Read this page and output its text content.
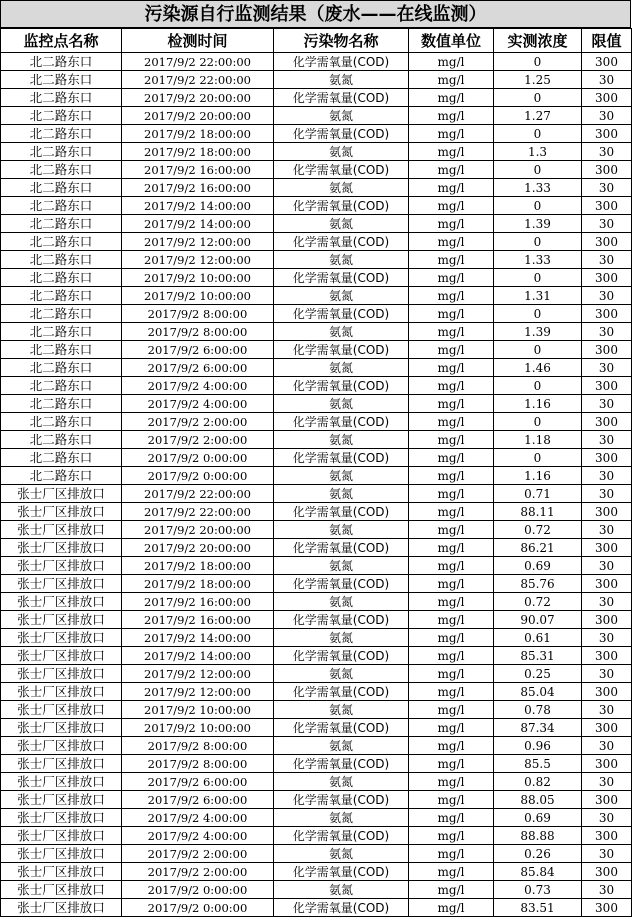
污染源自行监测结果（废水——在线监测）
监控点名称	检测时间	污染物名称	数值单位	实测浓度	限值
北二路东口	2017/9/2 22:00:00	化学需氧量(COD)	mg/l	0	300
北二路东口	2017/9/2 22:00:00	氨氮	mg/l	1.25	30
北二路东口	2017/9/2 20:00:00	化学需氧量(COD)	mg/l	0	300
北二路东口	2017/9/2 20:00:00	氨氮	mg/l	1.27	30
北二路东口	2017/9/2 18:00:00	化学需氧量(COD)	mg/l	0	300
北二路东口	2017/9/2 18:00:00	氨氮	mg/l	1.3	30
北二路东口	2017/9/2 16:00:00	化学需氧量(COD)	mg/l	0	300
北二路东口	2017/9/2 16:00:00	氨氮	mg/l	1.33	30
北二路东口	2017/9/2 14:00:00	化学需氧量(COD)	mg/l	0	300
北二路东口	2017/9/2 14:00:00	氨氮	mg/l	1.39	30
北二路东口	2017/9/2 12:00:00	化学需氧量(COD)	mg/l	0	300
北二路东口	2017/9/2 12:00:00	氨氮	mg/l	1.33	30
北二路东口	2017/9/2 10:00:00	化学需氧量(COD)	mg/l	0	300
北二路东口	2017/9/2 10:00:00	氨氮	mg/l	1.31	30
北二路东口	2017/9/2 8:00:00	化学需氧量(COD)	mg/l	0	300
北二路东口	2017/9/2 8:00:00	氨氮	mg/l	1.39	30
北二路东口	2017/9/2 6:00:00	化学需氧量(COD)	mg/l	0	300
北二路东口	2017/9/2 6:00:00	氨氮	mg/l	1.46	30
北二路东口	2017/9/2 4:00:00	化学需氧量(COD)	mg/l	0	300
北二路东口	2017/9/2 4:00:00	氨氮	mg/l	1.16	30
北二路东口	2017/9/2 2:00:00	化学需氧量(COD)	mg/l	0	300
北二路东口	2017/9/2 2:00:00	氨氮	mg/l	1.18	30
北二路东口	2017/9/2 0:00:00	化学需氧量(COD)	mg/l	0	300
北二路东口	2017/9/2 0:00:00	氨氮	mg/l	1.16	30
张士厂区排放口	2017/9/2 22:00:00	氨氮	mg/l	0.71	30
张士厂区排放口	2017/9/2 22:00:00	化学需氧量(COD)	mg/l	88.11	300
张士厂区排放口	2017/9/2 20:00:00	氨氮	mg/l	0.72	30
张士厂区排放口	2017/9/2 20:00:00	化学需氧量(COD)	mg/l	86.21	300
张士厂区排放口	2017/9/2 18:00:00	氨氮	mg/l	0.69	30
张士厂区排放口	2017/9/2 18:00:00	化学需氧量(COD)	mg/l	85.76	300
张士厂区排放口	2017/9/2 16:00:00	氨氮	mg/l	0.72	30
张士厂区排放口	2017/9/2 16:00:00	化学需氧量(COD)	mg/l	90.07	300
张士厂区排放口	2017/9/2 14:00:00	氨氮	mg/l	0.61	30
张士厂区排放口	2017/9/2 14:00:00	化学需氧量(COD)	mg/l	85.31	300
张士厂区排放口	2017/9/2 12:00:00	氨氮	mg/l	0.25	30
张士厂区排放口	2017/9/2 12:00:00	化学需氧量(COD)	mg/l	85.04	300
张士厂区排放口	2017/9/2 10:00:00	氨氮	mg/l	0.78	30
张士厂区排放口	2017/9/2 10:00:00	化学需氧量(COD)	mg/l	87.34	300
张士厂区排放口	2017/9/2 8:00:00	氨氮	mg/l	0.96	30
张士厂区排放口	2017/9/2 8:00:00	化学需氧量(COD)	mg/l	85.5	300
张士厂区排放口	2017/9/2 6:00:00	氨氮	mg/l	0.82	30
张士厂区排放口	2017/9/2 6:00:00	化学需氧量(COD)	mg/l	88.05	300
张士厂区排放口	2017/9/2 4:00:00	氨氮	mg/l	0.69	30
张士厂区排放口	2017/9/2 4:00:00	化学需氧量(COD)	mg/l	88.88	300
张士厂区排放口	2017/9/2 2:00:00	氨氮	mg/l	0.26	30
张士厂区排放口	2017/9/2 2:00:00	化学需氧量(COD)	mg/l	85.84	300
张士厂区排放口	2017/9/2 0:00:00	氨氮	mg/l	0.73	30
张士厂区排放口	2017/9/2 0:00:00	化学需氧量(COD)	mg/l	83.51	300
